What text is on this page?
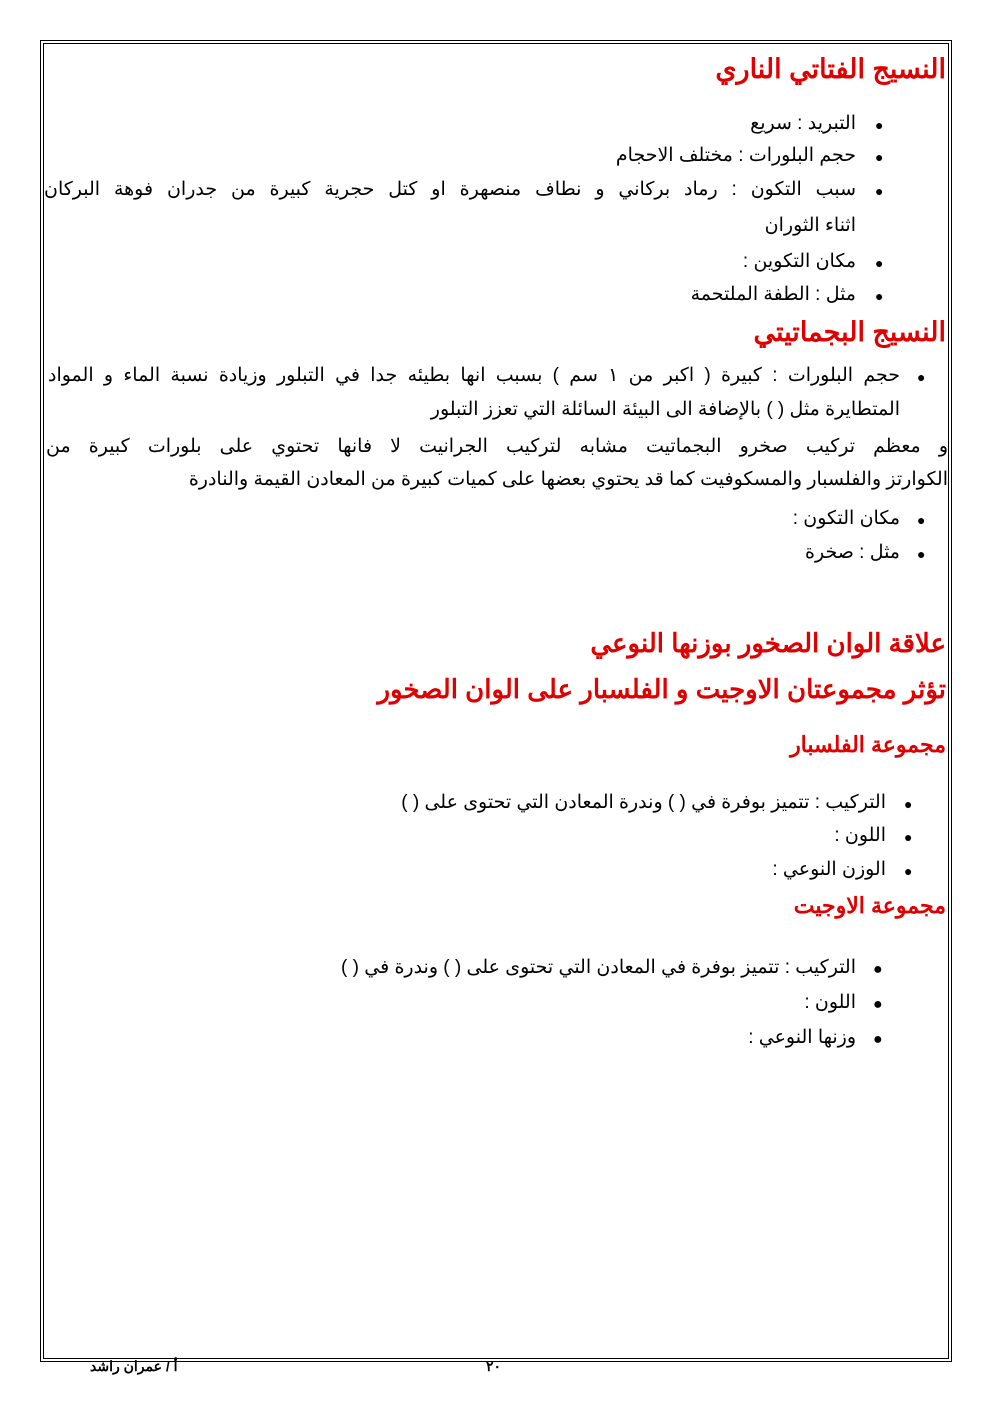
النسيج الفتاتي الناري
●
التبريد : سريع
●
حجم البلورات : مختلف الاحجام
●
سبب التكون : رماد بركاني و نطاف منصهرة او كتل حجرية كبيرة من جدران فوهة البركان
اثناء الثوران
●
مكان التكوين :
●
مثل : الطفة الملتحمة
النسيج البجماتيتي
●
حجم البلورات : كبيرة ( اكبر من ١ سم ) بسبب انها بطيئه جدا في التبلور وزيادة نسبة الماء و المواد
المتطايرة مثل ( ) بالإضافة الى البيئة السائلة التي تعزز التبلور
و معظم تركيب صخرو البجماتيت مشابه لتركيب الجرانيت لا فانها تحتوي على بلورات كبيرة من
الكوارتز والفلسبار والمسكوفيت كما قد يحتوي بعضها على كميات كبيرة من المعادن القيمة والنادرة
●
مكان التكون :
●
مثل : صخرة
علاقة الوان الصخور بوزنها النوعي
تؤثر مجموعتان الاوجيت و الفلسبار على الوان الصخور
مجموعة الفلسبار
●
التركيب : تتميز بوفرة في ( ) وندرة المعادن التي تحتوى على ( )
●
اللون :
●
الوزن النوعي :
مجموعة الاوجيت
●
التركيب : تتميز بوفرة في المعادن التي تحتوى على ( ) وندرة في ( )
●
اللون :
●
وزنها النوعي :
٢٠
أ / عمران راشد
